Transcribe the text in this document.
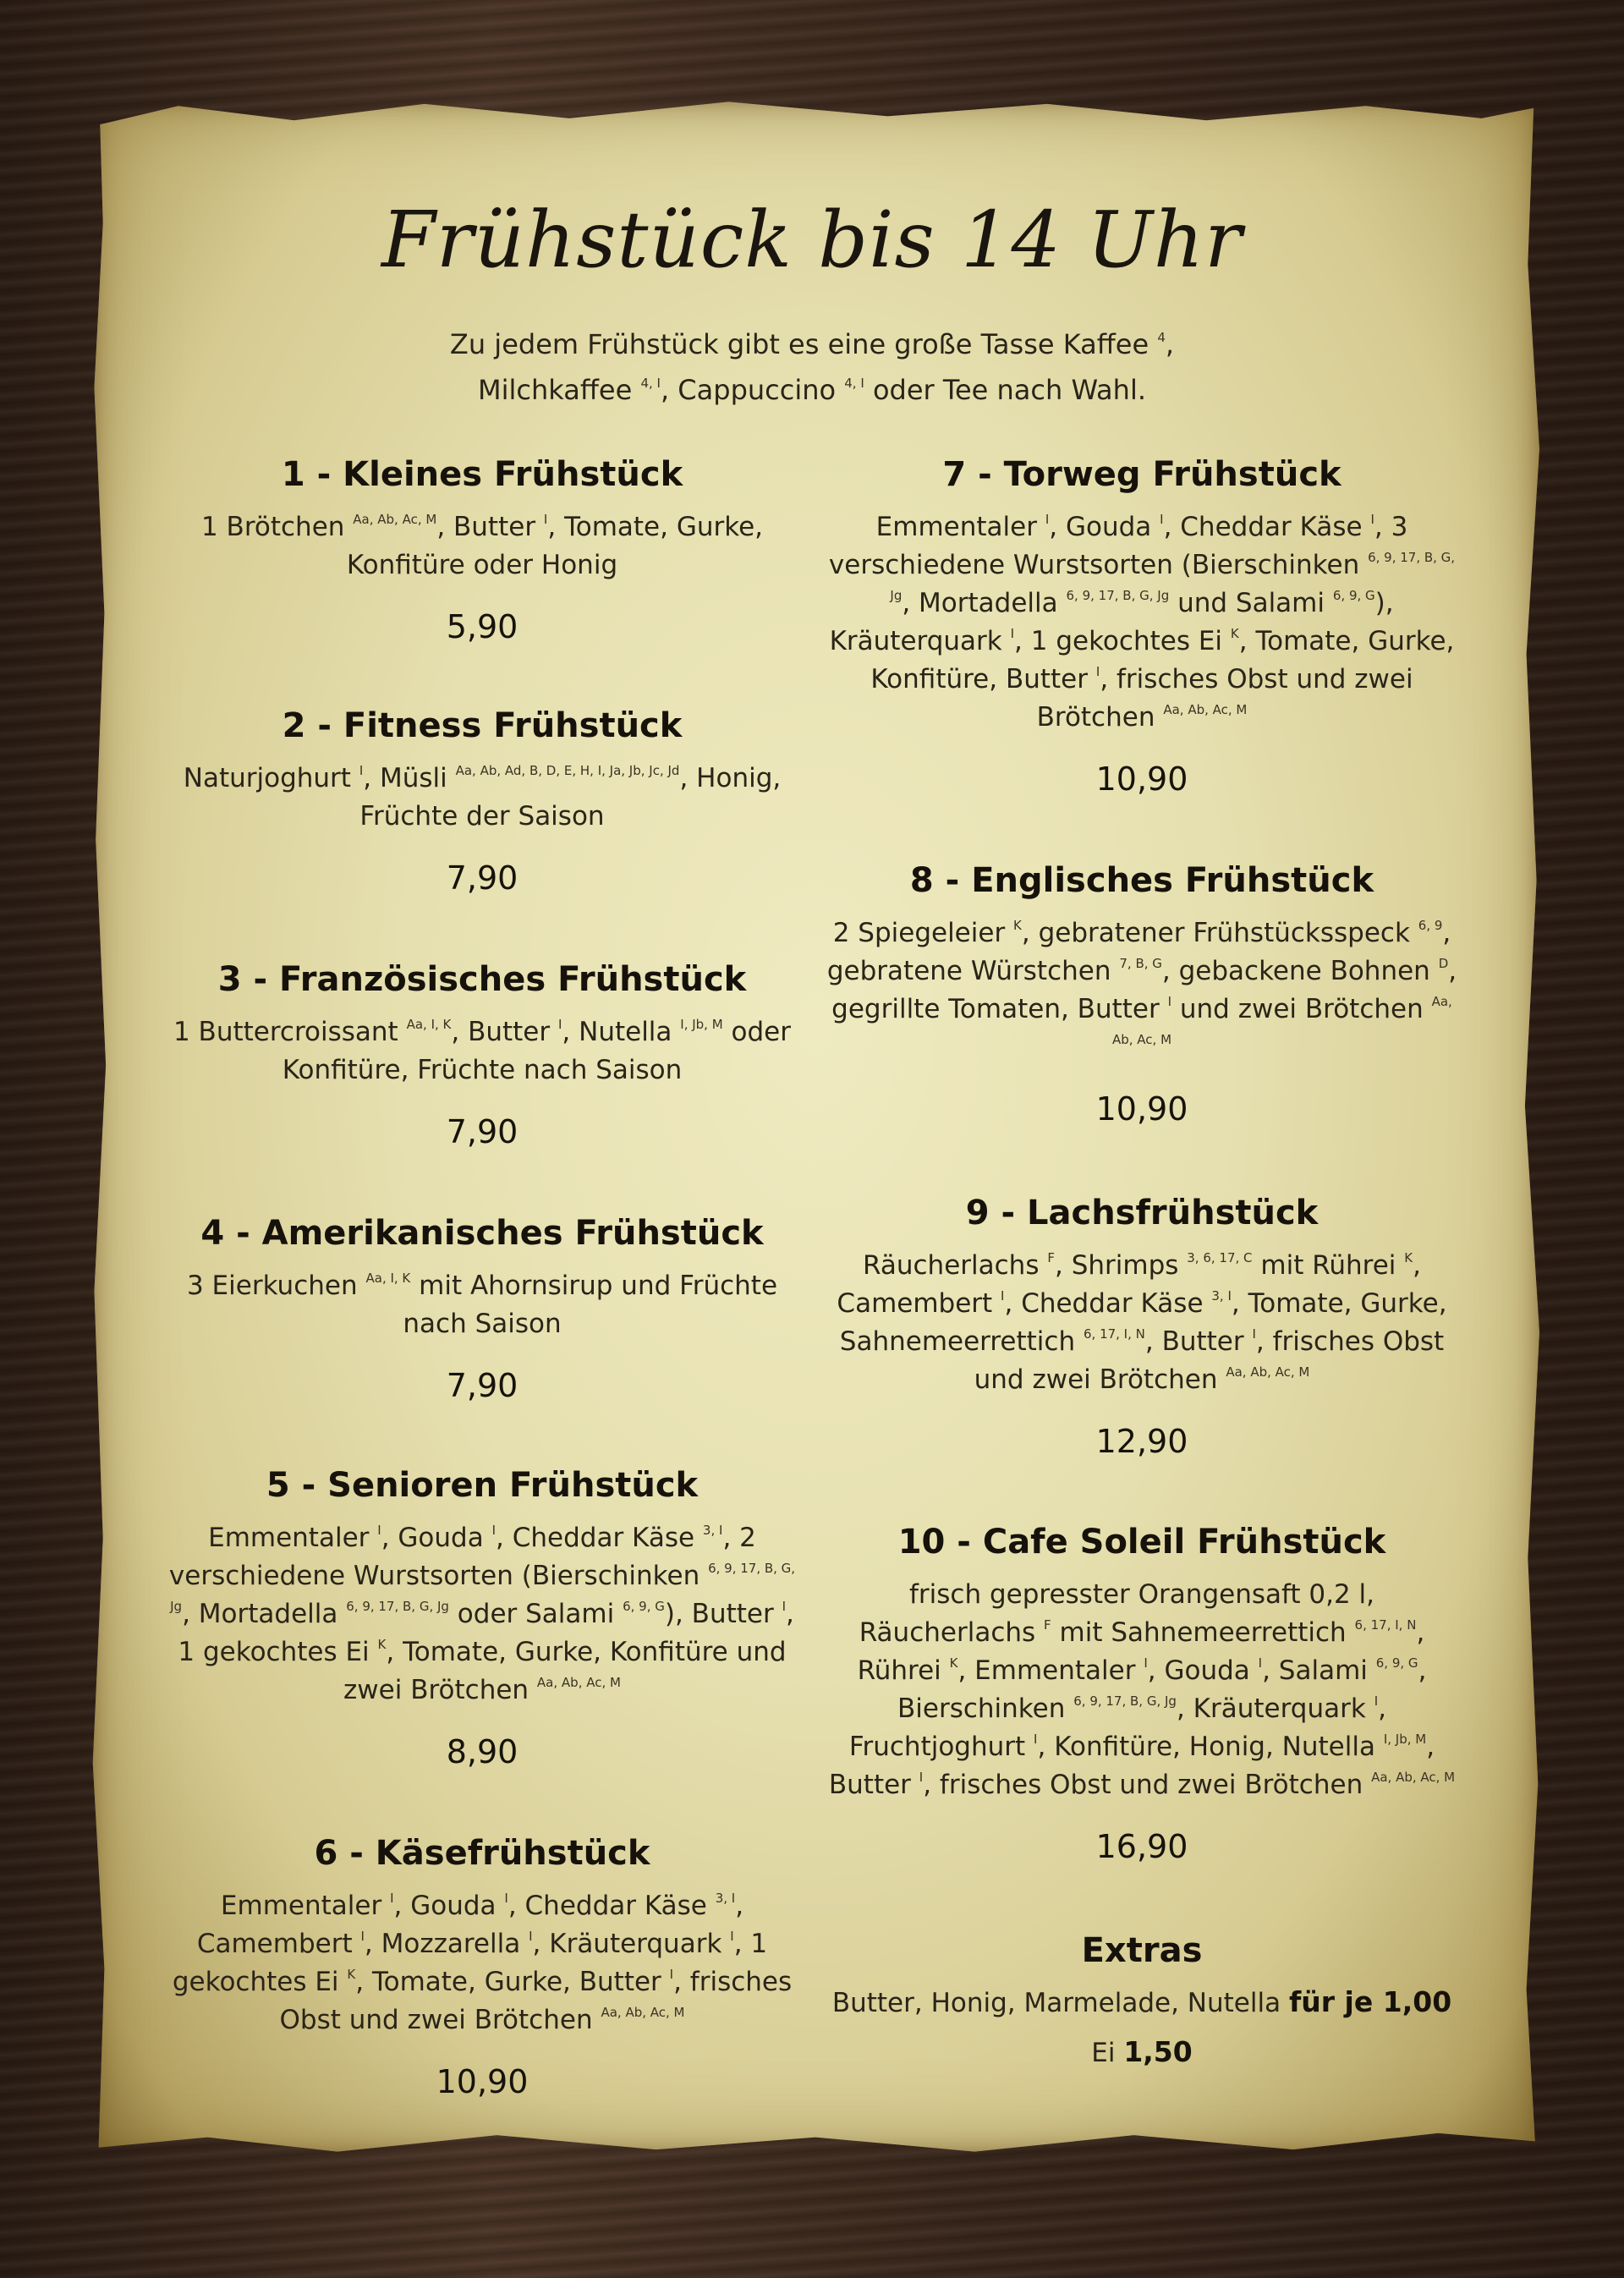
Frühstück bis 14 Uhr
Zu jedem Frühstück gibt es eine große Tasse Kaffee $^4$,
Milchkaffee $^{4, I}$, Cappuccino $^{4, I}$ oder Tee nach Wahl.
1 - Kleines Frühstück
1 Brötchen $^{Aa, Ab, Ac, M}$, Butter $^I$, Tomate, Gurke, Konfitüre oder Honig
5,90
2 - Fitness Frühstück
Naturjoghurt $^I$, Müsli $^{Aa, Ab, Ad, B, D, E, H, I, Ja, Jb, Jc, Jd}$, Honig, Früchte der Saison
7,90
3 - Französisches Frühstück
1 Buttercroissant $^{Aa, I, K}$, Butter $^I$, Nutella $^{I, Jb, M}$ oder Konfitüre, Früchte nach Saison
7,90
4 - Amerikanisches Frühstück
3 Eierkuchen $^{Aa, I, K}$ mit Ahornsirup und Früchte nach Saison
7,90
5 - Senioren Frühstück
Emmentaler $^I$, Gouda $^I$, Cheddar Käse $^{3, I}$, 2 verschiedene Wurstsorten (Bierschinken $^{6, 9, 17, B, G, Jg}$, Mortadella $^{6, 9, 17, B, G, Jg}$ oder Salami $^{6, 9, G}$), Butter $^I$, 1 gekochtes Ei $^K$, Tomate, Gurke, Konfitüre und zwei Brötchen $^{Aa, Ab, Ac, M}$
8,90
6 - Käsefrühstück
Emmentaler $^I$, Gouda $^I$, Cheddar Käse $^{3, I}$, Camembert $^I$, Mozzarella $^I$, Kräuterquark $^I$, 1 gekochtes Ei $^K$, Tomate, Gurke, Butter $^I$, frisches Obst und zwei Brötchen $^{Aa, Ab, Ac, M}$
10,90
7 - Torweg Frühstück
Emmentaler $^I$, Gouda $^I$, Cheddar Käse $^I$, 3 verschiedene Wurstsorten (Bierschinken $^{6, 9, 17, B, G, Jg}$, Mortadella $^{6, 9, 17, B, G, Jg}$ und Salami $^{6, 9, G}$), Kräuterquark $^I$, 1 gekochtes Ei $^K$, Tomate, Gurke, Konfitüre, Butter $^I$, frisches Obst und zwei Brötchen $^{Aa, Ab, Ac, M}$
10,90
8 - Englisches Frühstück
2 Spiegeleier $^K$, gebratener Frühstücksspeck $^{6, 9}$, gebratene Würstchen $^{7, B, G}$, gebackene Bohnen $^D$, gegrillte Tomaten, Butter $^I$ und zwei Brötchen $^{Aa, Ab, Ac, M}$
10,90
9 - Lachsfrühstück
Räucherlachs $^F$, Shrimps $^{3, 6, 17, C}$ mit Rührei $^K$, Camembert $^I$, Cheddar Käse $^{3, I}$, Tomate, Gurke, Sahnemeerrettich $^{6, 17, I, N}$, Butter $^I$, frisches Obst und zwei Brötchen $^{Aa, Ab, Ac, M}$
12,90
10 - Cafe Soleil Frühstück
frisch gepresster Orangensaft 0,2 l, Räucherlachs $^F$ mit Sahnemeerrettich $^{6, 17, I, N}$, Rührei $^K$, Emmentaler $^I$, Gouda $^I$, Salami $^{6, 9, G}$, Bierschinken $^{6, 9, 17, B, G, Jg}$, Kräuterquark $^I$, Fruchtjoghurt $^I$, Konfitüre, Honig, Nutella $^{I, Jb, M}$, Butter $^I$, frisches Obst und zwei Brötchen $^{Aa, Ab, Ac, M}$
16,90
Extras
Butter, Honig, Marmelade, Nutella für je 1,00
Ei 1,50
